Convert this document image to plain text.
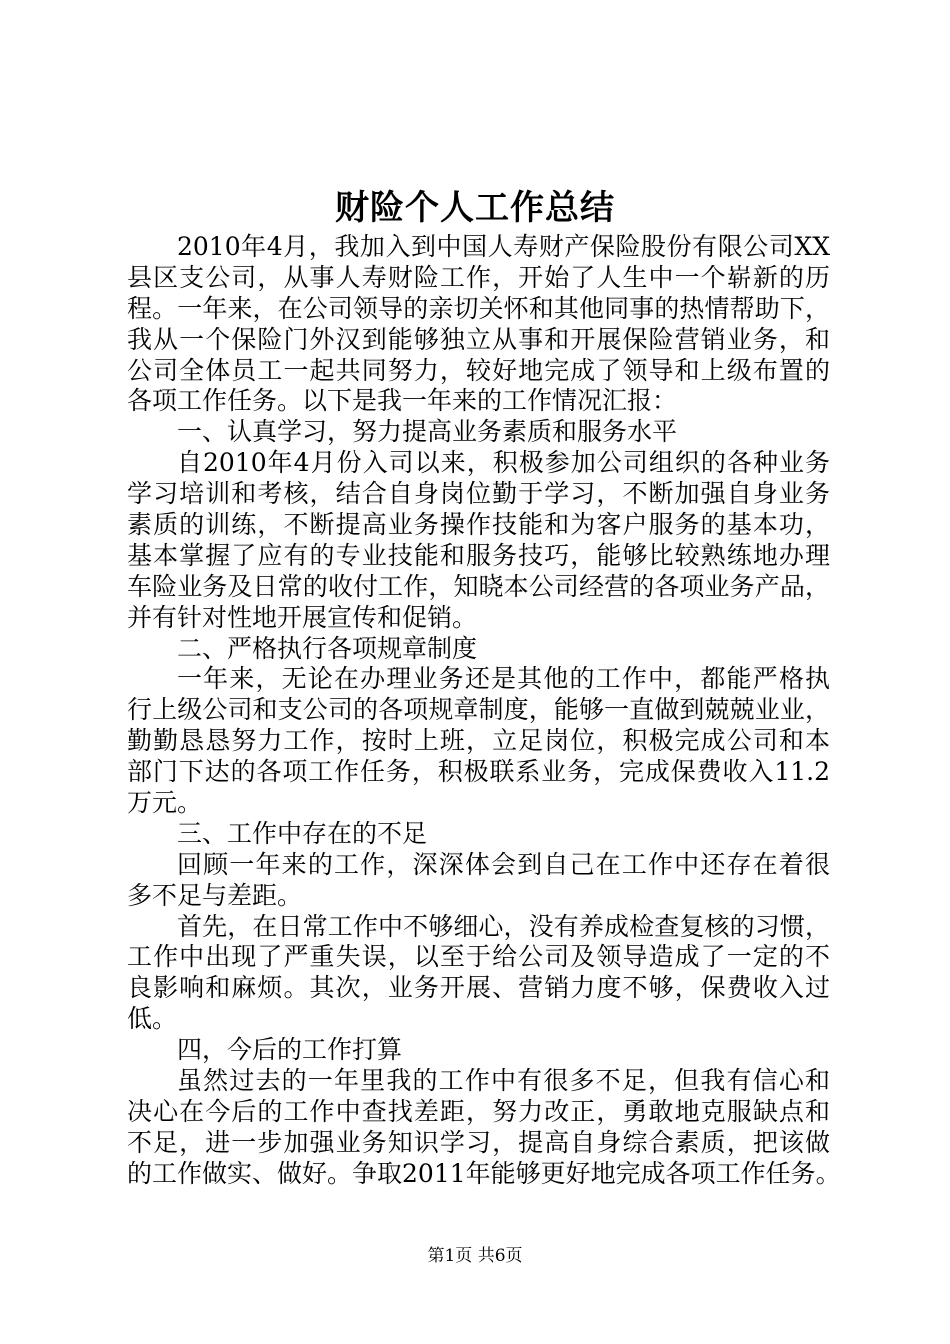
财险个人工作总结
2010年4月，我加入到中国人寿财产保险股份有限公司XX
县区支公司，从事人寿财险工作，开始了人生中一个崭新的历
程。一年来，在公司领导的亲切关怀和其他同事的热情帮助下，
我从一个保险门外汉到能够独立从事和开展保险营销业务，和
公司全体员工一起共同努力，较好地完成了领导和上级布置的
各项工作任务。以下是我一年来的工作情况汇报：
一、认真学习，努力提高业务素质和服务水平
自2010年4月份入司以来，积极参加公司组织的各种业务
学习培训和考核，结合自身岗位勤于学习，不断加强自身业务
素质的训练，不断提高业务操作技能和为客户服务的基本功，
基本掌握了应有的专业技能和服务技巧，能够比较熟练地办理
车险业务及日常的收付工作，知晓本公司经营的各项业务产品，
并有针对性地开展宣传和促销。
二、严格执行各项规章制度
一年来，无论在办理业务还是其他的工作中，都能严格执
行上级公司和支公司的各项规章制度，能够一直做到兢兢业业，
勤勤恳恳努力工作，按时上班，立足岗位，积极完成公司和本
部门下达的各项工作任务，积极联系业务，完成保费收入11.2
万元。
三、工作中存在的不足
回顾一年来的工作，深深体会到自己在工作中还存在着很
多不足与差距。
首先，在日常工作中不够细心，没有养成检查复核的习惯，
工作中出现了严重失误，以至于给公司及领导造成了一定的不
良影响和麻烦。其次，业务开展、营销力度不够，保费收入过
低。
四，今后的工作打算
虽然过去的一年里我的工作中有很多不足，但我有信心和
决心在今后的工作中查找差距，努力改正，勇敢地克服缺点和
不足，进一步加强业务知识学习，提高自身综合素质，把该做
的工作做实、做好。争取2011年能够更好地完成各项工作任务。
第1页 共6页
